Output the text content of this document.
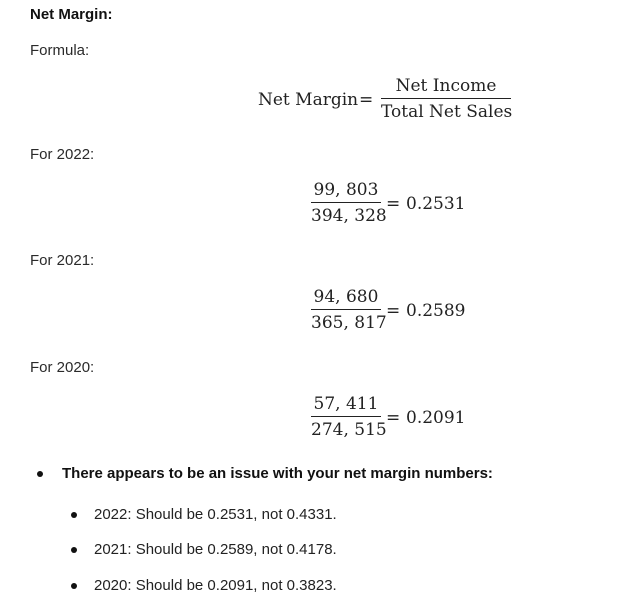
Net Margin:
Formula:
Net Margin =
Net Income
Total Net Sales
For 2022:
99, 803
394, 328
= 0.2531
For 2021:
94, 680
365, 817
= 0.2589
For 2020:
57, 411
274, 515
= 0.2091
There appears to be an issue with your net margin numbers:
2022: Should be 0.2531, not 0.4331.
2021: Should be 0.2589, not 0.4178.
2020: Should be 0.2091, not 0.3823.
